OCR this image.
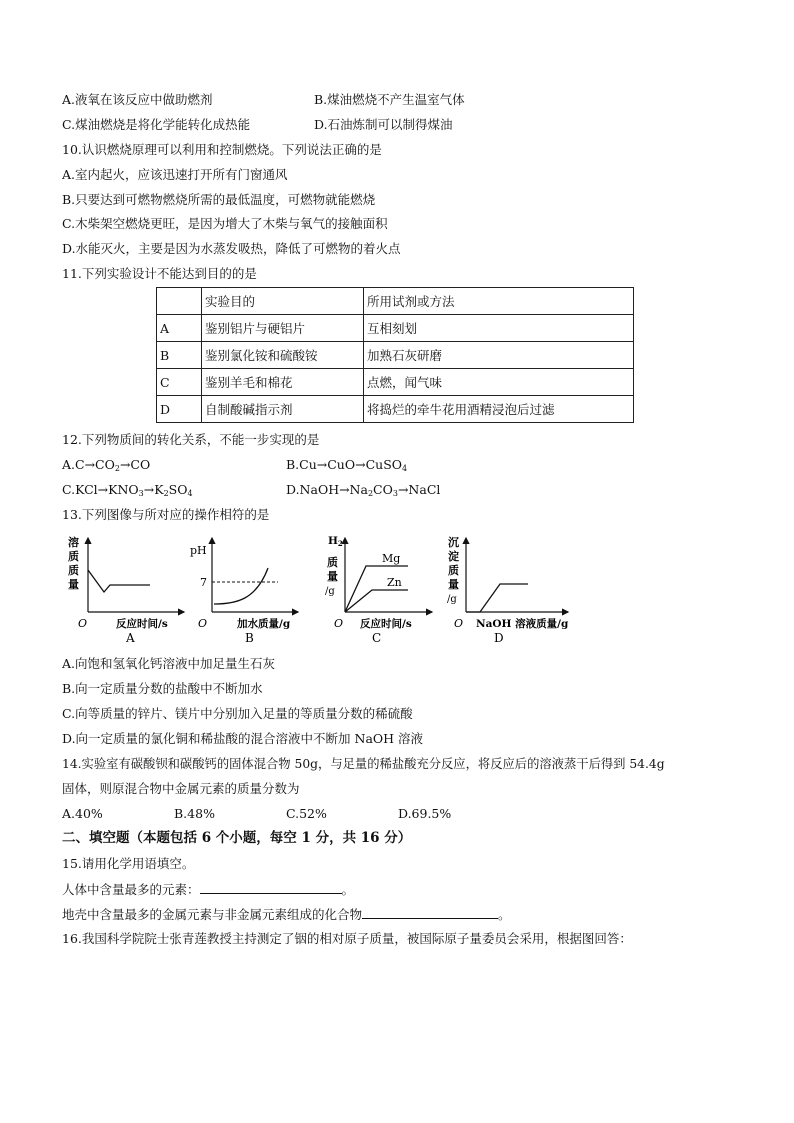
A.液氧在该反应中做助燃剂	B.煤油燃烧不产生温室气体
C.煤油燃烧是将化学能转化成热能	D.石油炼制可以制得煤油
10.认识燃烧原理可以利用和控制燃烧。下列说法正确的是
A.室内起火，应该迅速打开所有门窗通风
B.只要达到可燃物燃烧所需的最低温度，可燃物就能燃烧
C.木柴架空燃烧更旺，是因为增大了木柴与氧气的接触面积
D.水能灭火，主要是因为水蒸发吸热，降低了可燃物的着火点
11.下列实验设计不能达到目的的是
	实验目的	所用试剂或方法
A	鉴别铝片与硬铝片	互相刻划
B	鉴别氯化铵和硫酸铵	加熟石灰研磨
C	鉴别羊毛和棉花	点燃，闻气味
D	自制酸碱指示剂	将捣烂的牵牛花用酒精浸泡后过滤
12.下列物质间的转化关系，不能一步实现的是
$A.C\to CO_2\to CO$	B.Cu→CuO→CuSO$_4$
$C.KCl\to KNO_3\to K_2SO_4$	$D.NaOH\to Na_2CO_3\to NaCl$
13.下列图像与所对应的操作相符的是
溶
质
质
量
O	反应时间/s
A
pH
7
O	加水质量/g
B
H2
质
量
/g
Mg
Zn
O 反应时间/s
C
沉
淀
质
量
/g
O NaOH 溶液质量/g
D
A.向饱和氢氧化钙溶液中加足量生石灰
B.向一定质量分数的盐酸中不断加水
C.向等质量的锌片、镁片中分别加入足量的等质量分数的稀硫酸
D.向一定质量的氯化铜和稀盐酸的混合溶液中不断加 NaOH 溶液
14.实验室有碳酸钡和碳酸钙的固体混合物 50g，与足量的稀盐酸充分反应，将反应后的溶液蒸干后得到 54.4g
固体，则原混合物中金属元素的质量分数为
A.40%	B.48%	C.52%	D.69.5%
二、填空题（本题包括 6 个小题，每空 1 分，共 16 分）
15.请用化学用语填空。
人体中含量最多的元素：	。
地壳中含量最多的金属元素与非金属元素组成的化合物	。
16.我国科学院院士张青莲教授主持测定了铟的相对原子质量，被国际原子量委员会采用，根据图回答：
